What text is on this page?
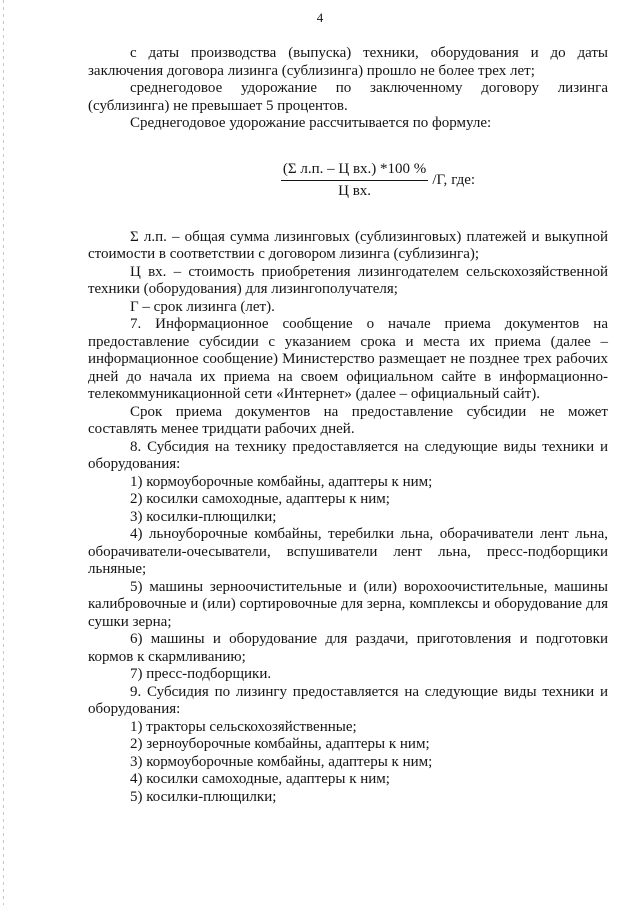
4

с даты производства (выпуска) техники, оборудования и до даты заключения договора лизинга (сублизинга) прошло не более трех лет;

среднегодовое удорожание по заключенному договору лизинга (сублизинга) не превышает 5 процентов.

Среднегодовое удорожание рассчитывается по формуле:

$\frac{\text{(Σ л.п. – Ц вх.) *100 \%}}{\text{Ц вх.}} /Г$, где:

Σ л.п. – общая сумма лизинговых (сублизинговых) платежей и выкупной стоимости в соответствии с договором лизинга (сублизинга);

Ц вх. – стоимость приобретения лизингодателем сельскохозяйственной техники (оборудования) для лизингополучателя;

Г – срок лизинга (лет).

7. Информационное сообщение о начале приема документов на предоставление субсидии с указанием срока и места их приема (далее – информационное сообщение) Министерство размещает не позднее трех рабочих дней до начала их приема на своем официальном сайте в информационно-телекоммуникационной сети «Интернет» (далее – официальный сайт).

Срок приема документов на предоставление субсидии не может составлять менее тридцати рабочих дней.

8. Субсидия на технику предоставляется на следующие виды техники и оборудования:

1) кормоуборочные комбайны, адаптеры к ним;

2) косилки самоходные, адаптеры к ним;

3) косилки-плющилки;

4) льноуборочные комбайны, теребилки льна, оборачиватели лент льна, оборачиватели-очесыватели, вспушиватели лент льна, пресс-подборщики льняные;

5) машины зерноочистительные и (или) ворохоочистительные, машины калибровочные и (или) сортировочные для зерна, комплексы и оборудование для сушки зерна;

6) машины и оборудование для раздачи, приготовления и подготовки кормов к скармливанию;

7) пресс-подборщики.

9. Субсидия по лизингу предоставляется на следующие виды техники и оборудования:

1) тракторы сельскохозяйственные;

2) зерноуборочные комбайны, адаптеры к ним;

3) кормоуборочные комбайны, адаптеры к ним;

4) косилки самоходные, адаптеры к ним;

5) косилки-плющилки;
